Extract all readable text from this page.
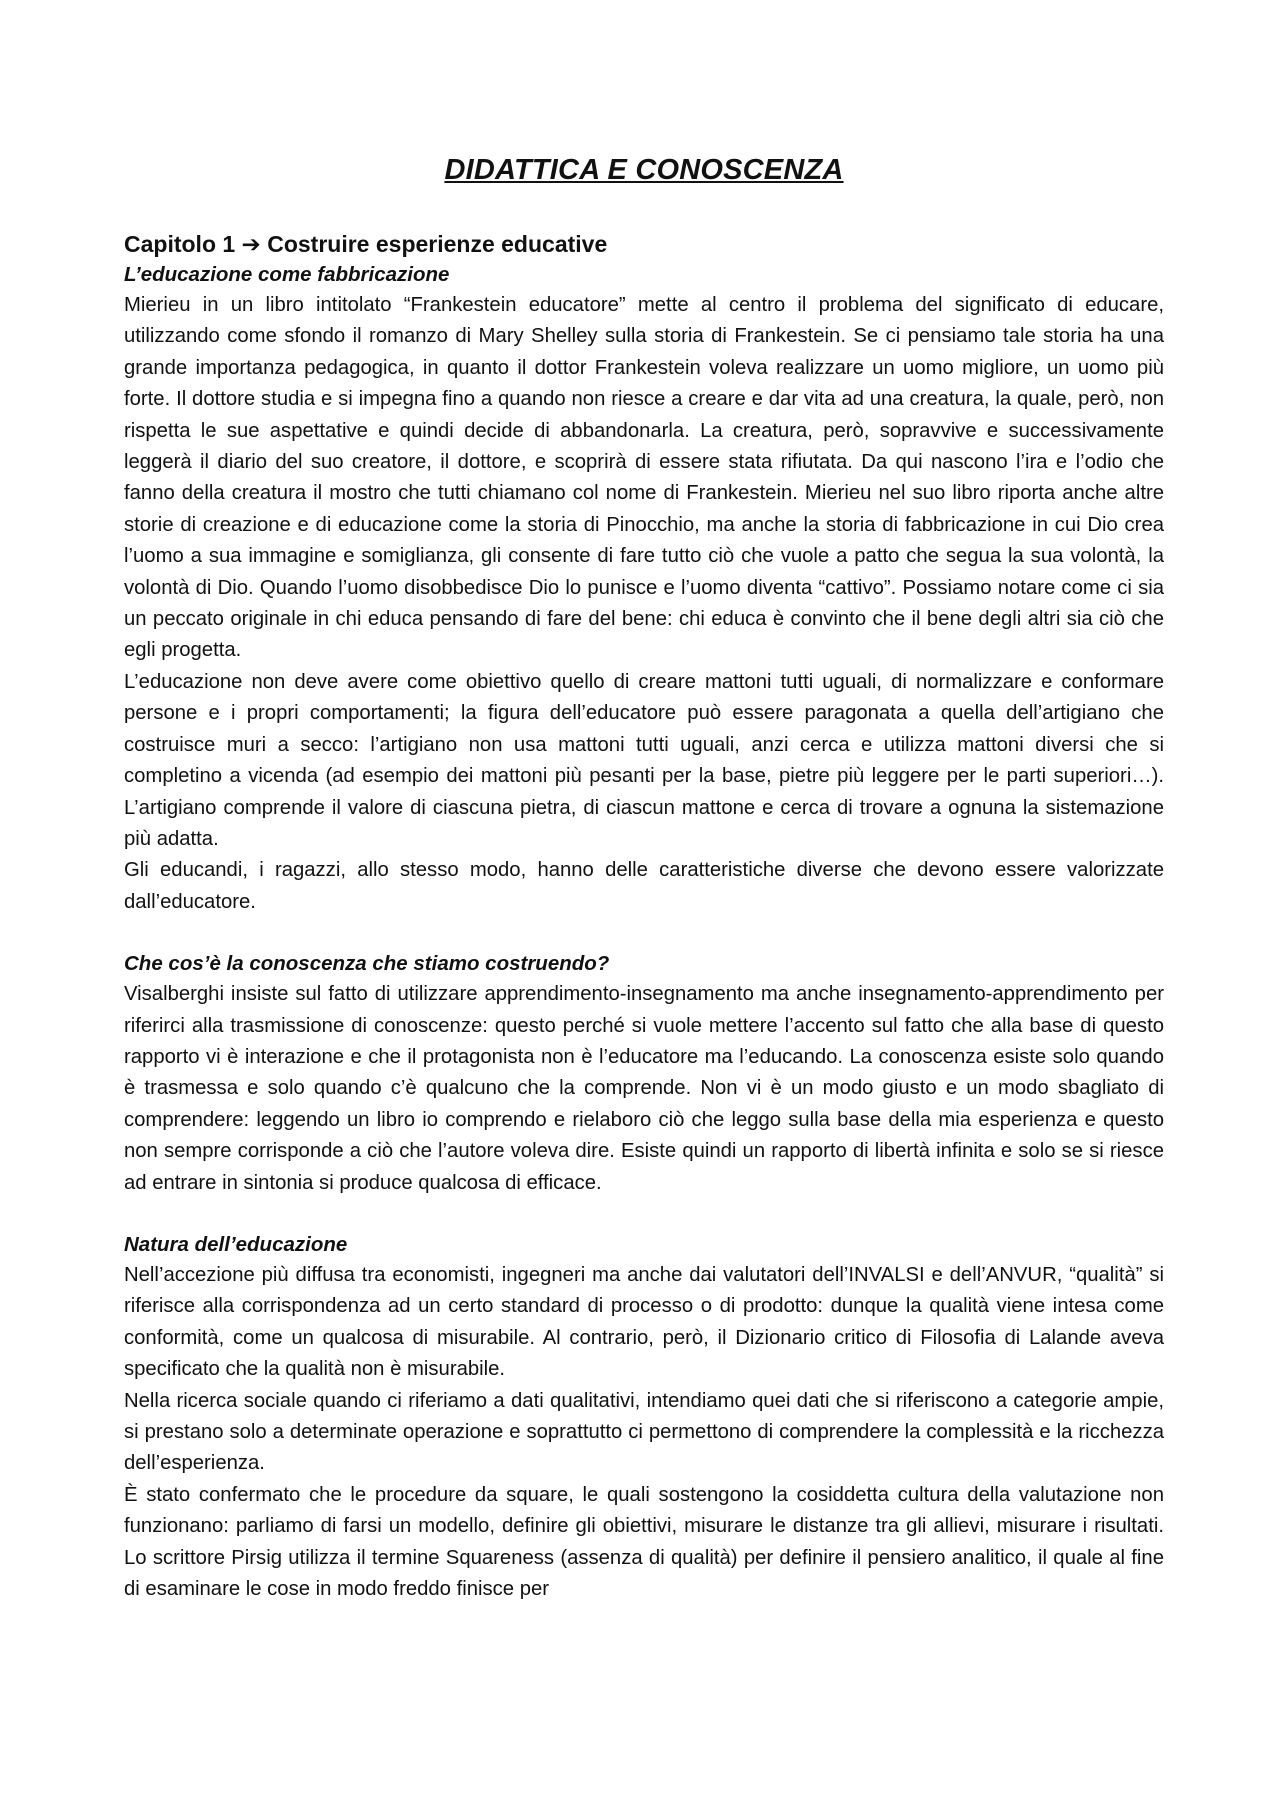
DIDATTICA E CONOSCENZA
Capitolo 1 ➔ Costruire esperienze educative
L’educazione come fabbricazione

Mierieu in un libro intitolato “Frankestein educatore” mette al centro il problema del significato di educare, utilizzando come sfondo il romanzo di Mary Shelley sulla storia di Frankestein. Se ci pensiamo tale storia ha una grande importanza pedagogica, in quanto il dottor Frankestein voleva realizzare un uomo migliore, un uomo più forte. Il dottore studia e si impegna fino a quando non riesce a creare e dar vita ad una creatura, la quale, però, non rispetta le sue aspettative e quindi decide di abbandonarla. La creatura, però, sopravvive e successivamente leggerà il diario del suo creatore, il dottore, e scoprirà di essere stata rifiutata. Da qui nascono l’ira e l’odio che fanno della creatura il mostro che tutti chiamano col nome di Frankestein. Mierieu nel suo libro riporta anche altre storie di creazione e di educazione come la storia di Pinocchio, ma anche la storia di fabbricazione in cui Dio crea l’uomo a sua immagine e somiglianza, gli consente di fare tutto ciò che vuole a patto che segua la sua volontà, la volontà di Dio. Quando l’uomo disobbedisce Dio lo punisce e l’uomo diventa “cattivo”. Possiamo notare come ci sia un peccato originale in chi educa pensando di fare del bene: chi educa è convinto che il bene degli altri sia ciò che egli progetta.

L’educazione non deve avere come obiettivo quello di creare mattoni tutti uguali, di normalizzare e conformare persone e i propri comportamenti; la figura dell’educatore può essere paragonata a quella dell’artigiano che costruisce muri a secco: l’artigiano non usa mattoni tutti uguali, anzi cerca e utilizza mattoni diversi che si completino a vicenda (ad esempio dei mattoni più pesanti per la base, pietre più leggere per le parti superiori…). L’artigiano comprende il valore di ciascuna pietra, di ciascun mattone e cerca di trovare a ognuna la sistemazione più adatta.

Gli educandi, i ragazzi, allo stesso modo, hanno delle caratteristiche diverse che devono essere valorizzate dall’educatore.

Che cos’è la conoscenza che stiamo costruendo?

Visalberghi insiste sul fatto di utilizzare apprendimento-insegnamento ma anche insegnamento-apprendimento per riferirci alla trasmissione di conoscenze: questo perché si vuole mettere l’accento sul fatto che alla base di questo rapporto vi è interazione e che il protagonista non è l’educatore ma l’educando. La conoscenza esiste solo quando è trasmessa e solo quando c’è qualcuno che la comprende. Non vi è un modo giusto e un modo sbagliato di comprendere: leggendo un libro io comprendo e rielaboro ciò che leggo sulla base della mia esperienza e questo non sempre corrisponde a ciò che l’autore voleva dire. Esiste quindi un rapporto di libertà infinita e solo se si riesce ad entrare in sintonia si produce qualcosa di efficace.

Natura dell’educazione

Nell’accezione più diffusa tra economisti, ingegneri ma anche dai valutatori dell’INVALSI e dell’ANVUR, “qualità” si riferisce alla corrispondenza ad un certo standard di processo o di prodotto: dunque la qualità viene intesa come conformità, come un qualcosa di misurabile. Al contrario, però, il Dizionario critico di Filosofia di Lalande aveva specificato che la qualità non è misurabile.

Nella ricerca sociale quando ci riferiamo a dati qualitativi, intendiamo quei dati che si riferiscono a categorie ampie, si prestano solo a determinate operazione e soprattutto ci permettono di comprendere la complessità e la ricchezza dell’esperienza.

È stato confermato che le procedure da square, le quali sostengono la cosiddetta cultura della valutazione non funzionano: parliamo di farsi un modello, definire gli obiettivi, misurare le distanze tra gli allievi, misurare i risultati. Lo scrittore Pirsig utilizza il termine Squareness (assenza di qualità) per definire il pensiero analitico, il quale al fine di esaminare le cose in modo freddo finisce per
